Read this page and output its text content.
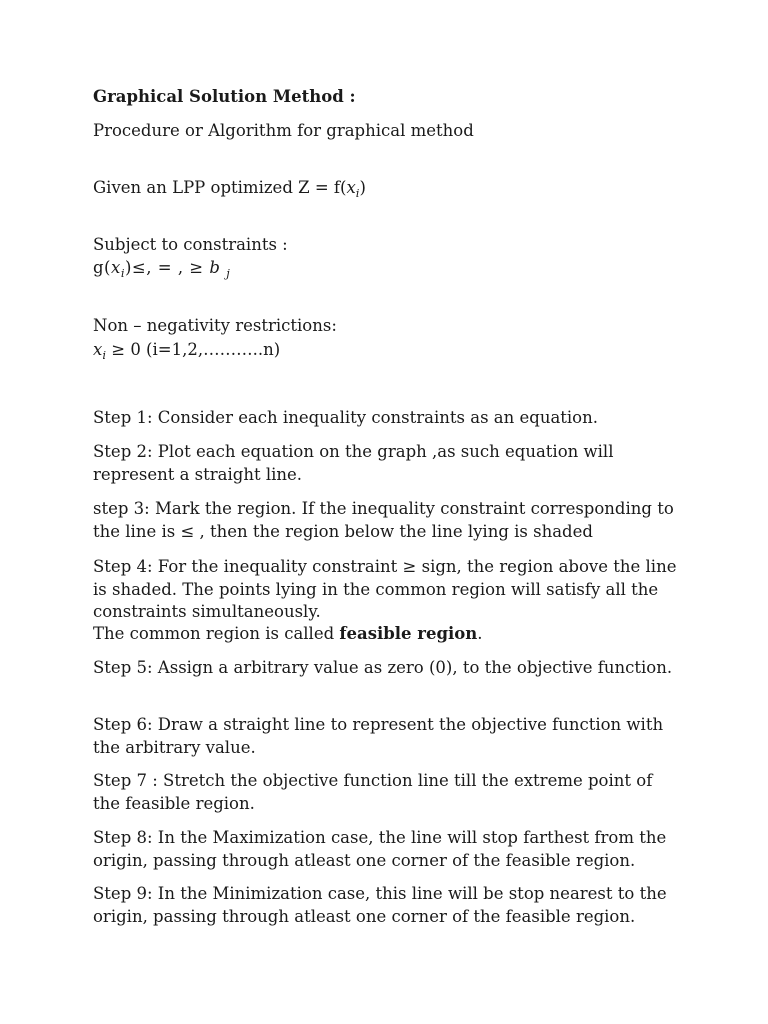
Graphical Solution Method :
Procedure or Algorithm for graphical method
Given an LPP optimized $Z = f(x_i)$
Subject to constraints :
$g(x_i)\le$, = , ≥ b $_j$
Non – negativity restrictions:
$x_i \ge 0$ (i=1,2,………..n)
Step 1: Consider each inequality constraints as an equation.
Step 2: Plot each equation on the graph ,as such equation will represent a straight line.
step 3: Mark the region. If the inequality constraint corresponding to the line is ≤ , then the region below the line lying is shaded
Step 4: For the inequality constraint ≥ sign, the region above the line is shaded. The points lying in the common region will satisfy all the constraints simultaneously.
The common region is called feasible region.
Step 5: Assign a arbitrary value as zero (0), to the objective function.
Step 6: Draw a straight line to represent the objective function with the arbitrary value.
Step 7 : Stretch the objective function line till the extreme point of the feasible region.
Step 8: In the Maximization case, the line will stop farthest from the origin, passing through atleast one corner of the feasible region.
Step 9: In the Minimization case, this line will be stop nearest to the origin, passing through atleast one corner of the feasible region.
